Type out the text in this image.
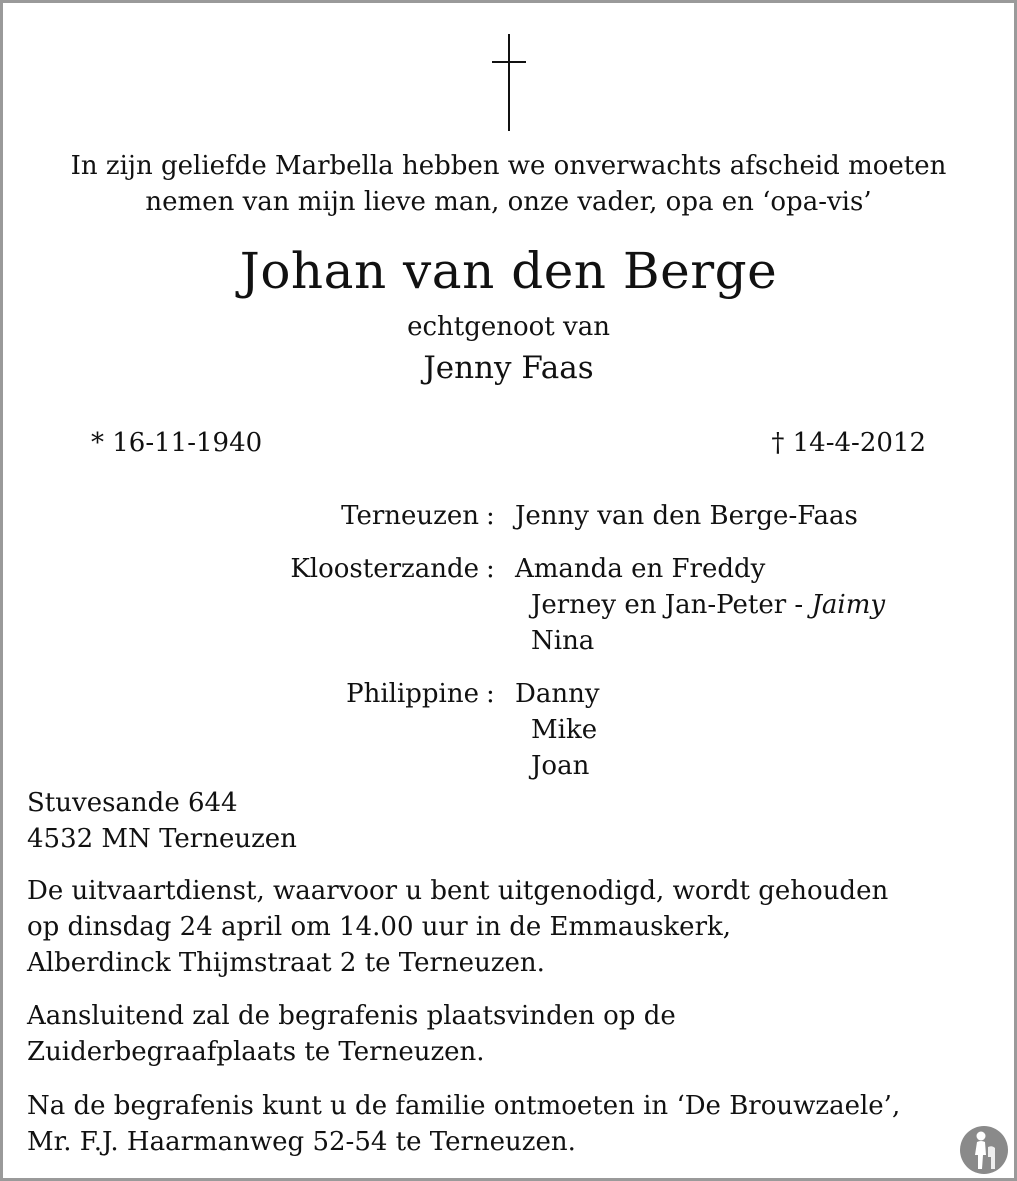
In zijn geliefde Marbella hebben we onverwachts afscheid moeten
nemen van mijn lieve man, onze vader, opa en ‘opa-vis’
Johan van den Berge
echtgenoot van
Jenny Faas
* 16-11-1940	† 14-4-2012
Terneuzen : Jenny van den Berge-Faas
Kloosterzande : Amanda en Freddy
Jerney en Jan-Peter - Jaimy
Nina
Philippine : Danny
Mike
Joan
Stuvesande 644
4532 MN Terneuzen
De uitvaartdienst, waarvoor u bent uitgenodigd, wordt gehouden
op dinsdag 24 april om 14.00 uur in de Emmauskerk,
Alberdinck Thijmstraat 2 te Terneuzen.
Aansluitend zal de begrafenis plaatsvinden op de
Zuiderbegraafplaats te Terneuzen.
Na de begrafenis kunt u de familie ontmoeten in ‘De Brouwzaele’,
Mr. F.J. Haarmanweg 52-54 te Terneuzen.
